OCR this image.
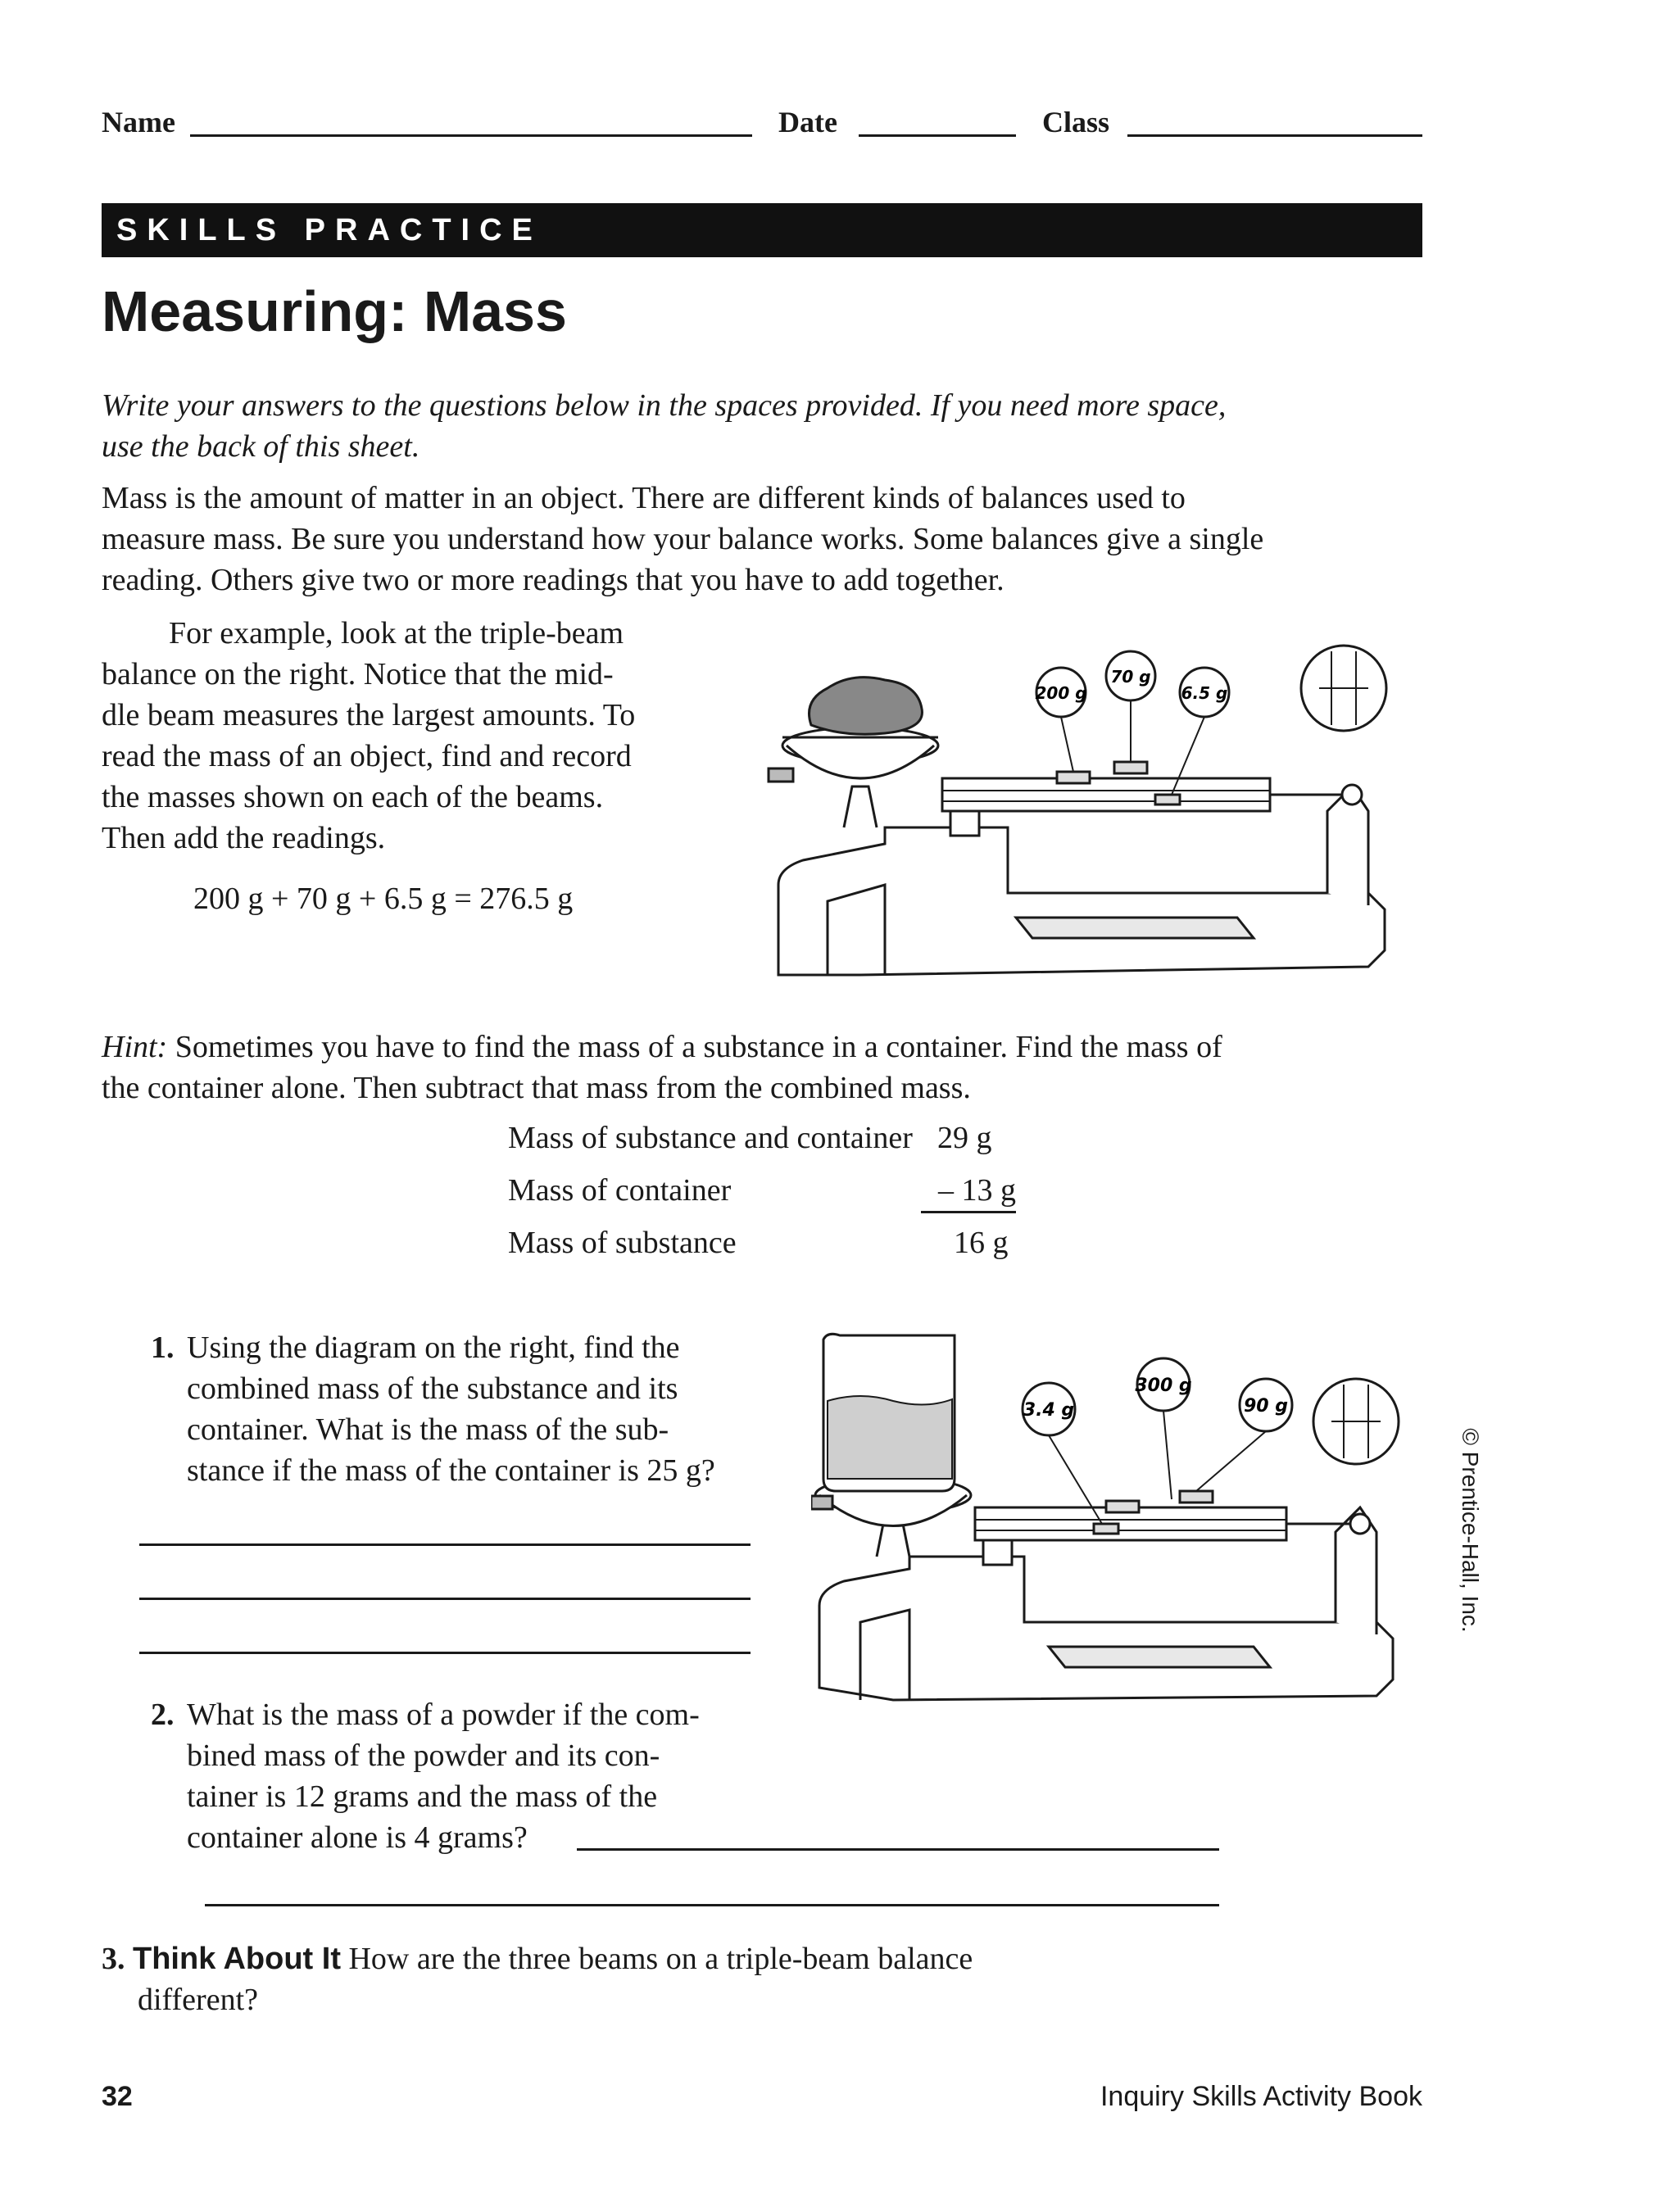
Name	Date	Class
SKILLS PRACTICE
Measuring: Mass
Write your answers to the questions below in the spaces provided. If you need more space, use the back of this sheet.
Mass is the amount of matter in an object. There are different kinds of balances used to measure mass. Be sure you understand how your balance works. Some balances give a single reading. Others give two or more readings that you have to add together.
For example, look at the triple-beam
balance on the right. Notice that the mid-
dle beam measures the largest amounts. To
read the mass of an object, find and record
the masses shown on each of the beams.
Then add the readings.
200 g + 70 g + 6.5 g = 276.5 g
200 g
70 g
6.5 g
Hint: Sometimes you have to find the mass of a substance in a container. Find the mass of the container alone. Then subtract that mass from the combined mass.
Mass of substance and container 29 g
Mass of container	– 13 g
Mass of substance	16 g
1. Using the diagram on the right, find the
combined mass of the substance and its
container. What is the mass of the sub-
stance if the mass of the container is 25 g?
3.4 g
300 g
90 g
© Prentice-Hall, Inc.
2. What is the mass of a powder if the com-
bined mass of the powder and its con-
tainer is 12 grams and the mass of the
container alone is 4 grams?
3. Think About It How are the three beams on a triple-beam balance
different?
32	Inquiry Skills Activity Book
